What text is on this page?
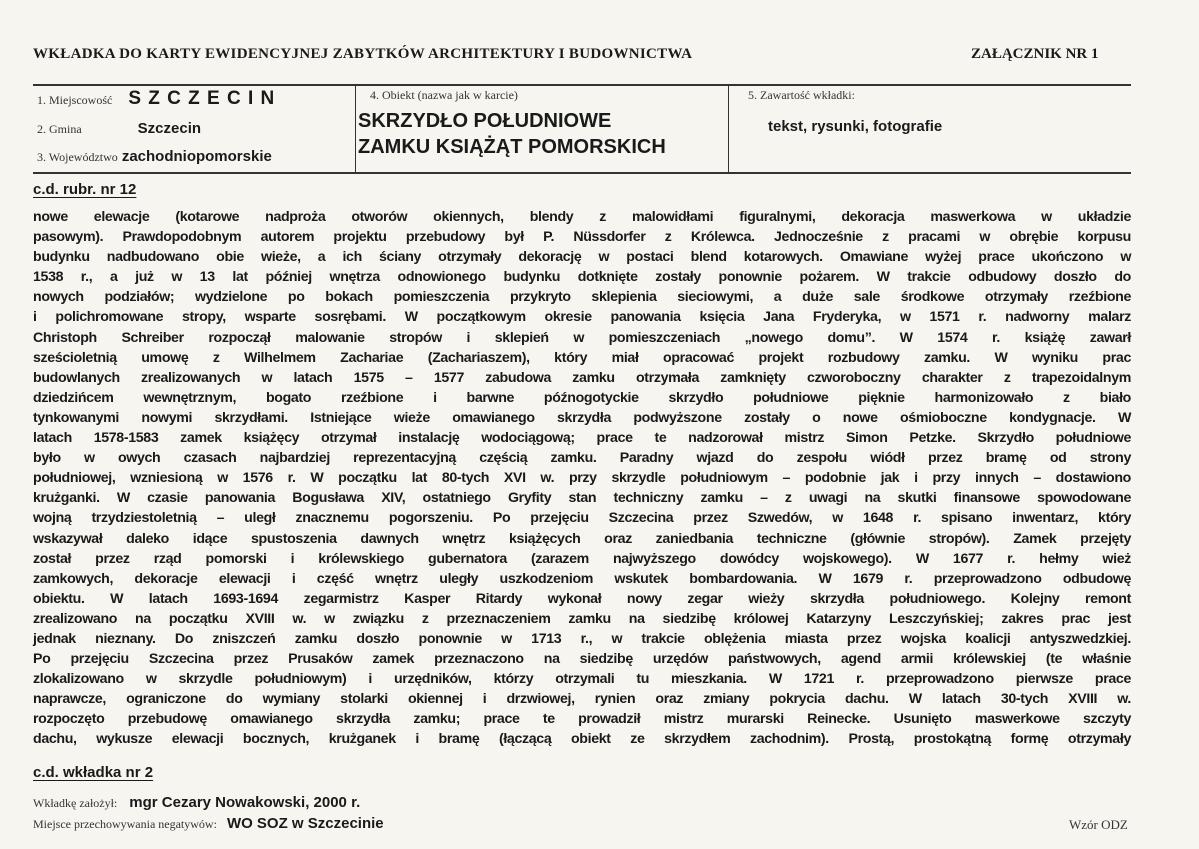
WKŁADKA DO KARTY EWIDENCYJNEJ ZABYTKÓW ARCHITEKTURY I BUDOWNICTWA	ZAŁĄCZNIK NR 1
1. Miejscowość S Z C Z E C I N
2. Gmina	Szczecin
3. Województwo zachodniopomorskie
4. Obiekt (nazwa jak w karcie)
SKRZYDŁO POŁUDNIOWE
ZAMKU KSIĄŻĄT POMORSKICH
5. Zawartość wkładki:
tekst, rysunki, fotografie
c.d. rubr. nr 12
nowe elewacje (kotarowe nadproża otworów okiennych, blendy z malowidłami figuralnymi, dekoracja maswerkowa w układzie
pasowym). Prawdopodobnym autorem projektu przebudowy był P. Nüssdorfer z Królewca. Jednocześnie z pracami w obrębie korpusu
budynku nadbudowano obie wieże, a ich ściany otrzymały dekorację w postaci blend kotarowych. Omawiane wyżej prace ukończono w
1538 r., a już w 13 lat później wnętrza odnowionego budynku dotknięte zostały ponownie pożarem. W trakcie odbudowy doszło do
nowych podziałów; wydzielone po bokach pomieszczenia przykryto sklepienia sieciowymi, a duże sale środkowe otrzymały rzeźbione
i polichromowane stropy, wsparte sosrębami. W początkowym okresie panowania księcia Jana Fryderyka, w 1571 r. nadworny malarz
Christoph Schreiber rozpoczął malowanie stropów i sklepień w pomieszczeniach „nowego domu”. W 1574 r. książę zawarł
sześcioletnią umowę z Wilhelmem Zachariae (Zachariaszem), który miał opracować projekt rozbudowy zamku. W wyniku prac
budowlanych zrealizowanych w latach 1575 – 1577 zabudowa zamku otrzymała zamknięty czworoboczny charakter z trapezoidalnym
dziedzińcem wewnętrznym, bogato rzeźbione i barwne późnogotyckie skrzydło południowe pięknie harmonizowało z biało
tynkowanymi nowymi skrzydłami. Istniejące wieże omawianego skrzydła podwyższone zostały o nowe ośmioboczne kondygnacje. W
latach 1578-1583 zamek książęcy otrzymał instalację wodociągową; prace te nadzorował mistrz Simon Petzke. Skrzydło południowe
było w owych czasach najbardziej reprezentacyjną częścią zamku. Paradny wjazd do zespołu wiódł przez bramę od strony
południowej, wzniesioną w 1576 r. W początku lat 80-tych XVI w. przy skrzydle południowym – podobnie jak i przy innych – dostawiono
krużganki. W czasie panowania Bogusława XIV, ostatniego Gryfity stan techniczny zamku – z uwagi na skutki finansowe spowodowane
wojną trzydziestoletnią – uległ znacznemu pogorszeniu. Po przejęciu Szczecina przez Szwedów, w 1648 r. spisano inwentarz, który
wskazywał daleko idące spustoszenia dawnych wnętrz książęcych oraz zaniedbania techniczne (głównie stropów). Zamek przejęty
został przez rząd pomorski i królewskiego gubernatora (zarazem najwyższego dowódcy wojskowego). W 1677 r. hełmy wież
zamkowych, dekoracje elewacji i część wnętrz uległy uszkodzeniom wskutek bombardowania. W 1679 r. przeprowadzono odbudowę
obiektu. W latach 1693-1694 zegarmistrz Kasper Ritardy wykonał nowy zegar wieży skrzydła południowego. Kolejny remont
zrealizowano na początku XVIII w. w związku z przeznaczeniem zamku na siedzibę królowej Katarzyny Leszczyńskiej; zakres prac jest
jednak nieznany. Do zniszczeń zamku doszło ponownie w 1713 r., w trakcie oblężenia miasta przez wojska koalicji antyszwedzkiej.
Po przejęciu Szczecina przez Prusaków zamek przeznaczono na siedzibę urzędów państwowych, agend armii królewskiej (te właśnie
zlokalizowano w skrzydle południowym) i urzędników, którzy otrzymali tu mieszkania. W 1721 r. przeprowadzono pierwsze prace
naprawcze, ograniczone do wymiany stolarki okiennej i drzwiowej, rynien oraz zmiany pokrycia dachu. W latach 30-tych XVIII w.
rozpoczęto przebudowę omawianego skrzydła zamku; prace te prowadził mistrz murarski Reinecke. Usunięto maswerkowe szczyty
dachu, wykusze elewacji bocznych, krużganek i bramę (łączącą obiekt ze skrzydłem zachodnim). Prostą, prostokątną formę otrzymały
c.d. wkładka nr 2
Wkładkę założył: mgr Cezary Nowakowski, 2000 r.
Miejsce przechowywania negatywów: WO SOZ w Szczecinie	Wzór ODZ
